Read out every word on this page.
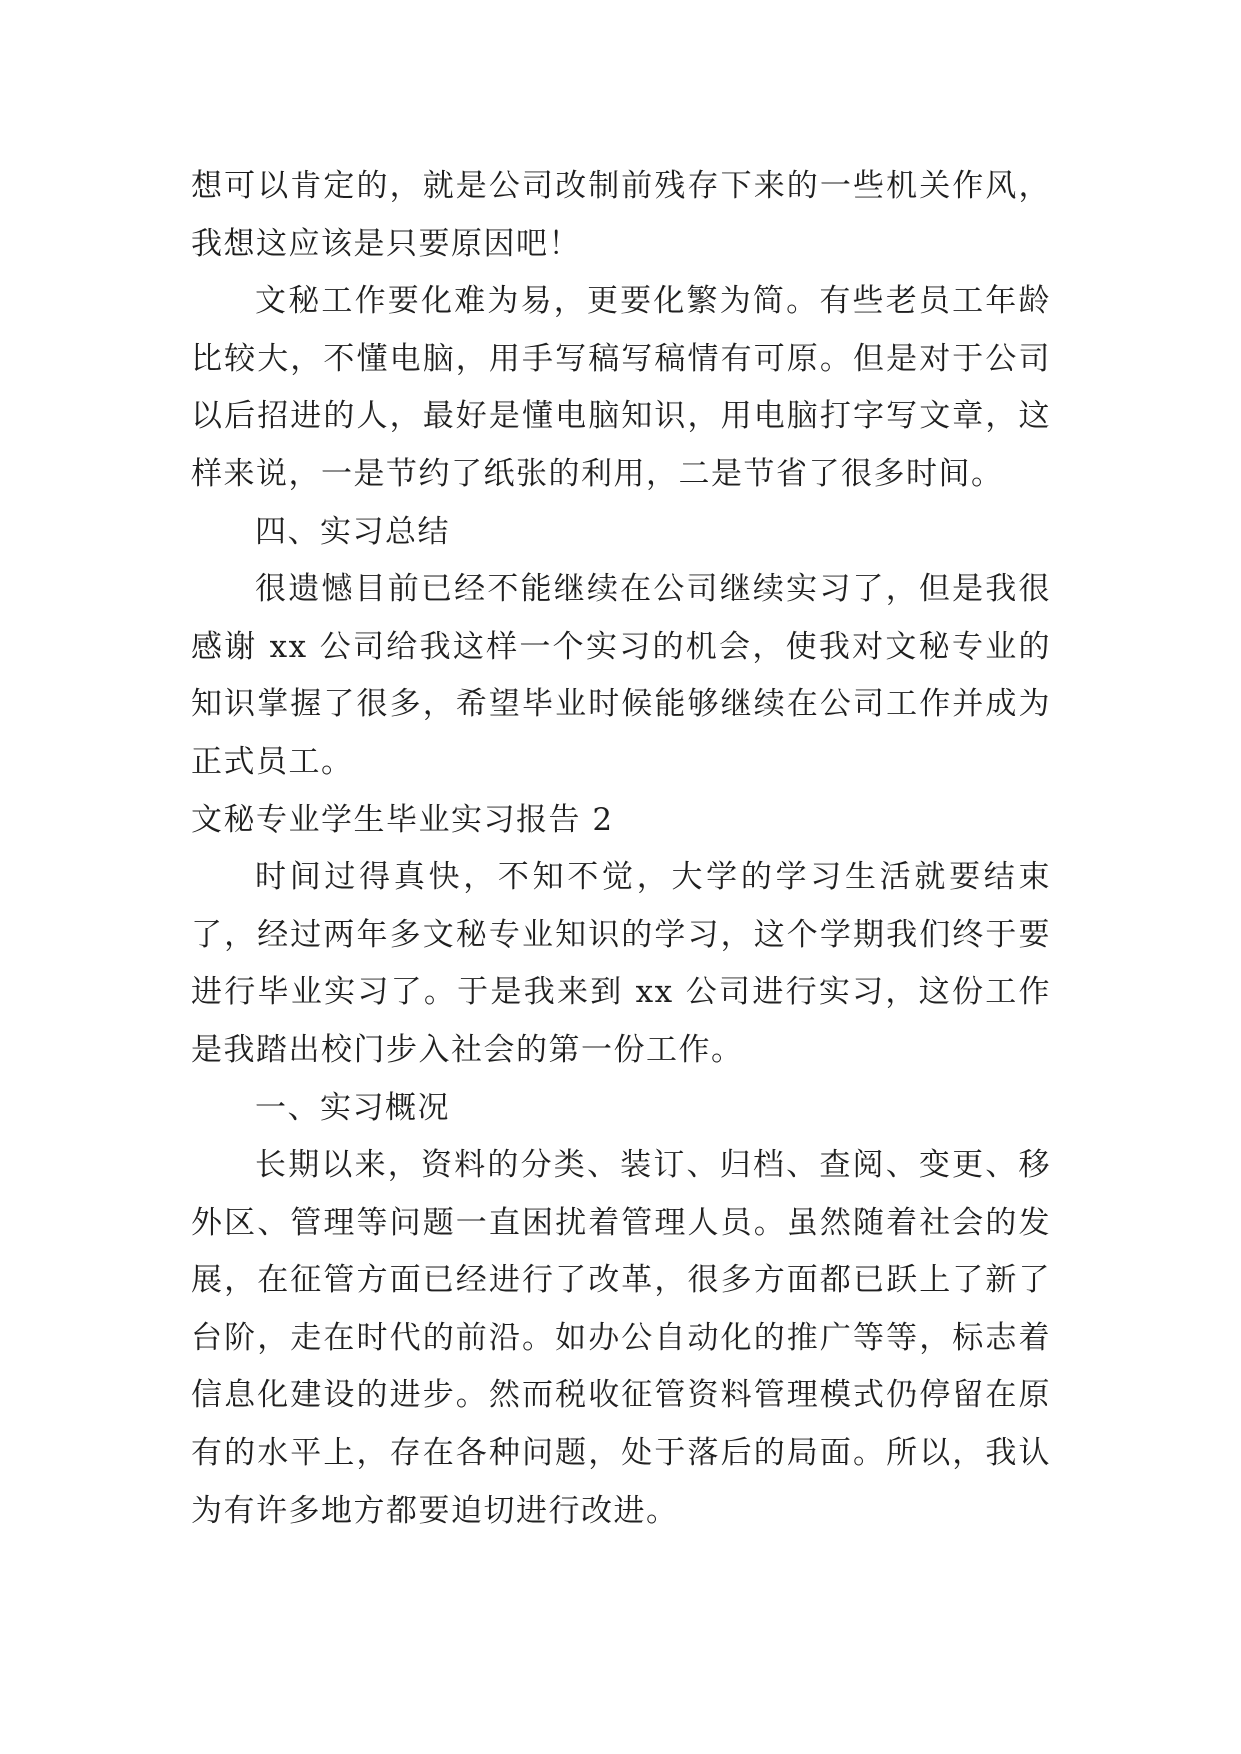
想可以肯定的，就是公司改制前残存下来的一些机关作风，我想这应该是只要原因吧！

文秘工作要化难为易，更要化繁为简。有些老员工年龄比较大，不懂电脑，用手写稿写稿情有可原。但是对于公司以后招进的人，最好是懂电脑知识，用电脑打字写文章，这样来说，一是节约了纸张的利用，二是节省了很多时间。

四、实习总结

很遗憾目前已经不能继续在公司继续实习了，但是我很感谢 xx 公司给我这样一个实习的机会，使我对文秘专业的知识掌握了很多，希望毕业时候能够继续在公司工作并成为正式员工。

文秘专业学生毕业实习报告 2

时间过得真快，不知不觉，大学的学习生活就要结束了，经过两年多文秘专业知识的学习，这个学期我们终于要进行毕业实习了。于是我来到 xx 公司进行实习，这份工作是我踏出校门步入社会的第一份工作。

一、实习概况

长期以来，资料的分类、装订、归档、查阅、变更、移外区、管理等问题一直困扰着管理人员。虽然随着社会的发展，在征管方面已经进行了改革，很多方面都已跃上了新了台阶，走在时代的前沿。如办公自动化的推广等等，标志着信息化建设的进步。然而税收征管资料管理模式仍停留在原有的水平上，存在各种问题，处于落后的局面。所以，我认为有许多地方都要迫切进行改进。
